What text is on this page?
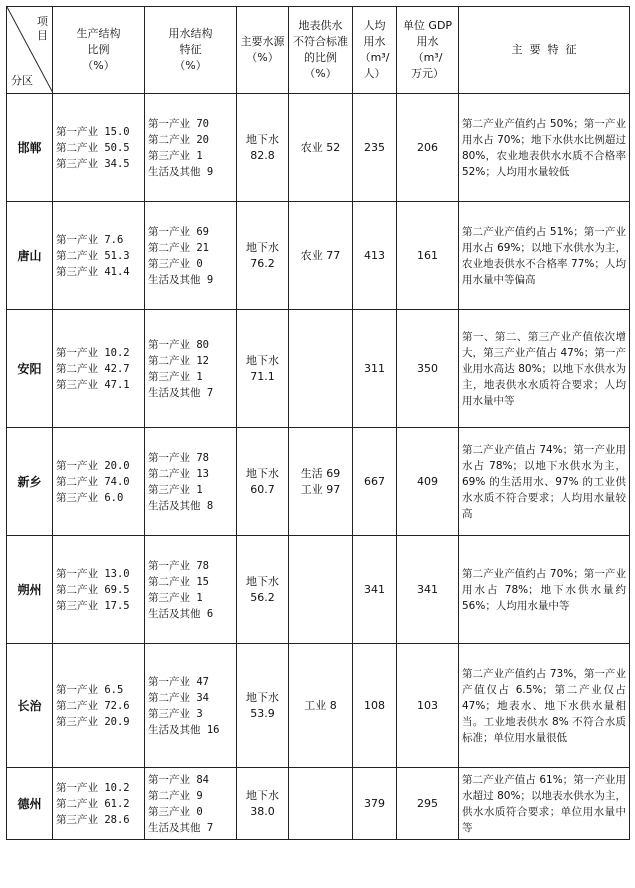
项
目
分区	生产结构
比例
（%）	用水结构
特征
（%）	主要水源
（%）	地表供水
不符合标准
的比例
（%）	人均
用水
（m³/
人）	单位 GDP
用水
（m³/
万元）	主  要  特  征
邯郸	第一产业 15.0
第二产业 50.5
第三产业 34.5	第一产业 70
第二产业 20
第三产业 1
生活及其他 9	地下水
82.8	农业 52	235	206	第二产业产值约占 50%；第一产业用水占 70%；地下水供水比例超过 80%，农业地表供水水质不合格率 52%；人均用水量较低
唐山	第一产业 7.6
第二产业 51.3
第三产业 41.4	第一产业 69
第二产业 21
第三产业 0
生活及其他 9	地下水
76.2	农业 77	413	161	第二产业产值约占 51%；第一产业用水占 69%；以地下水供水为主，农业地表供水不合格率 77%；人均用水量中等偏高
安阳	第一产业 10.2
第二产业 42.7
第三产业 47.1	第一产业 80
第二产业 12
第三产业 1
生活及其他 7	地下水
71.1		311	350	第一、第二、第三产业产值依次增大，第三产业产值占 47%；第一产业用水高达 80%；以地下水供水为主，地表供水水质符合要求；人均用水量中等
新乡	第一产业 20.0
第二产业 74.0
第三产业 6.0	第一产业 78
第二产业 13
第三产业 1
生活及其他 8	地下水
60.7	生活 69
工业 97	667	409	第二产业产值占 74%；第一产业用水占 78%；以地下水供水为主，69% 的生活用水、97% 的工业供水水质不符合要求；人均用水量较高
朔州	第一产业 13.0
第二产业 69.5
第三产业 17.5	第一产业 78
第二产业 15
第三产业 1
生活及其他 6	地下水
56.2		341	341	第二产业产值约占 70%；第一产业用水占 78%；地下水供水量约 56%；人均用水量中等
长治	第一产业 6.5
第二产业 72.6
第三产业 20.9	第一产业 47
第二产业 34
第三产业 3
生活及其他 16	地下水
53.9	工业 8	108	103	第二产业产值约占 73%，第一产业产值仅占 6.5%；第二产业仅占 47%；地表水、地下水供水量相当。工业地表供水 8% 不符合水质标准；单位用水量很低
德州	第一产业 10.2
第二产业 61.2
第三产业 28.6	第一产业 84
第二产业 9
第三产业 0
生活及其他 7	地下水
38.0		379	295	第二产业产值占 61%；第一产业用水超过 80%；以地表水供水为主，供水水质符合要求；单位用水量中等
